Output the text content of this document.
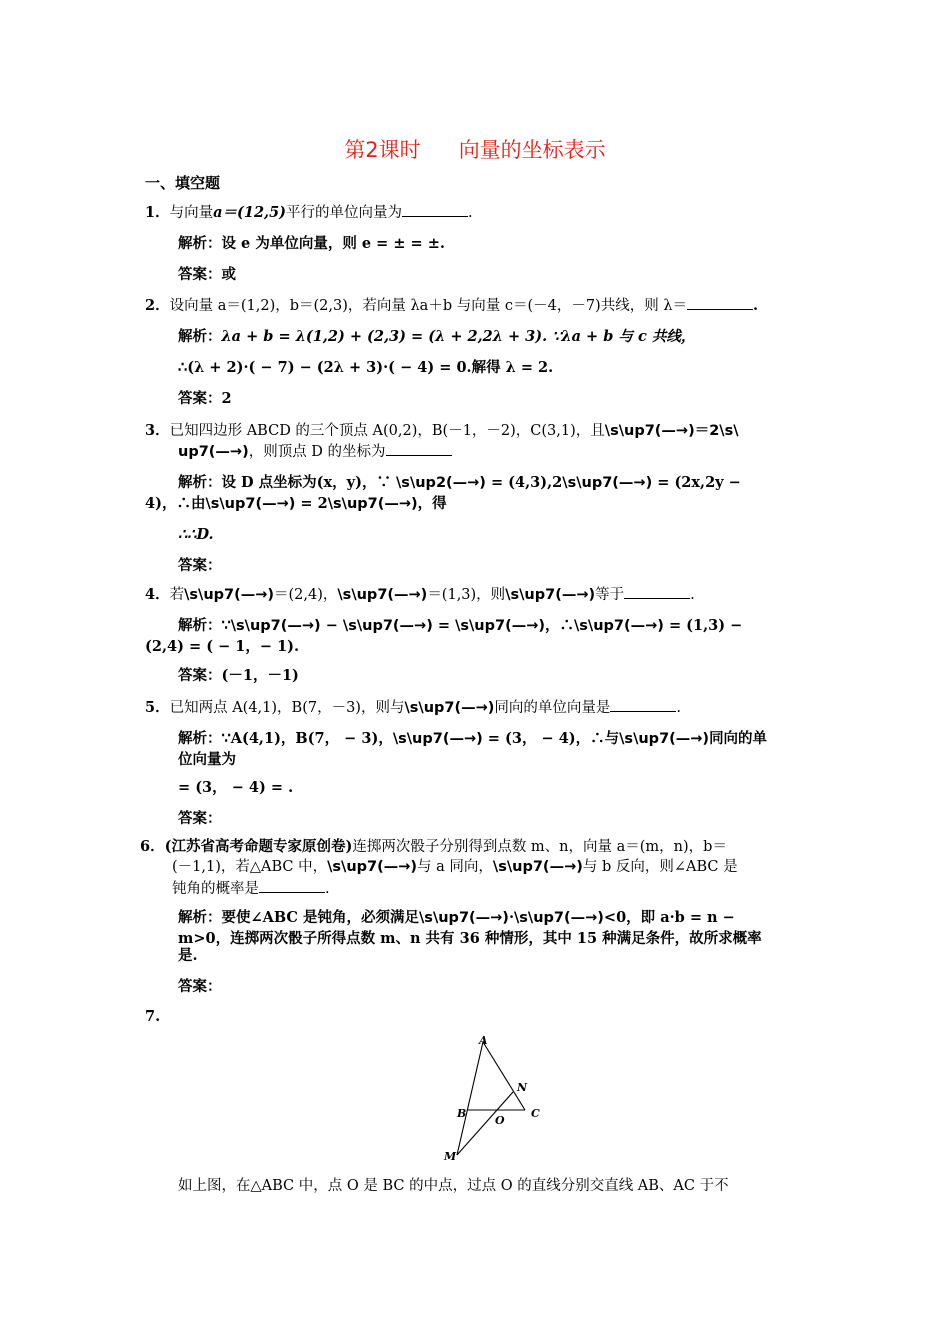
第2课时 向量的坐标表示
一、填空题
1．与向量a＝(12,5)平行的单位向量为	.
解析：设 e 为单位向量，则 e = ± = ±.
答案：或
2．设向量 a＝(1,2)，b＝(2,3)，若向量 λa＋b 与向量 c＝(－4，－7)共线，则 λ＝	.
解析：λa + b = λ(1,2) + (2,3) = (λ + 2,2λ + 3). ∵λa + b 与 c 共线，
∴(λ + 2)·( − 7) − (2λ + 3)·( − 4) = 0.解得 λ = 2.
答案：2
3．已知四边形 ABCD 的三个顶点 A(0,2)，B(－1，－2)，C(3,1)，且\s\up7(—→)＝2\s\
up7(—→)，则顶点 D 的坐标为
解析：设 D 点坐标为(x，y)，∵ \s\up2(—→) = (4,3),2\s\up7(—→) = (2x,2y −
4)，∴由\s\up7(—→) = 2\s\up7(—→)，得
∴∴D.
答案：
4．若\s\up7(—→)＝(2,4)，\s\up7(—→)＝(1,3)，则\s\up7(—→)等于	.
解析：∵\s\up7(—→) − \s\up7(—→) = \s\up7(—→)，∴\s\up7(—→) = (1,3) −
(2,4) = ( − 1，− 1).
答案：(－1，－1)
5．已知两点 A(4,1)，B(7，－3)，则与\s\up7(—→)同向的单位向量是	.
解析：∵A(4,1)，B(7， − 3)，\s\up7(—→) = (3， − 4)，∴与\s\up7(—→)同向的单
位向量为
= (3， − 4) = .
答案：
6．(江苏省高考命题专家原创卷)连掷两次骰子分别得到点数 m、n，向量 a＝(m，n)，b＝
(－1,1)，若△ABC 中，\s\up7(—→)与 a 同向，\s\up7(—→)与 b 反向，则∠ABC 是
钝角的概率是	.
解析：要使∠ABC 是钝角，必须满足\s\up7(—→)·\s\up7(—→)<0，即 a·b = n −
m>0，连掷两次骰子所得点数 m、n 共有 36 种情形，其中 15 种满足条件，故所求概率
是.
答案：
7.
A
N
B
O
C
M
如上图，在△ABC 中，点 O 是 BC 的中点，过点 O 的直线分别交直线 AB、AC 于不
